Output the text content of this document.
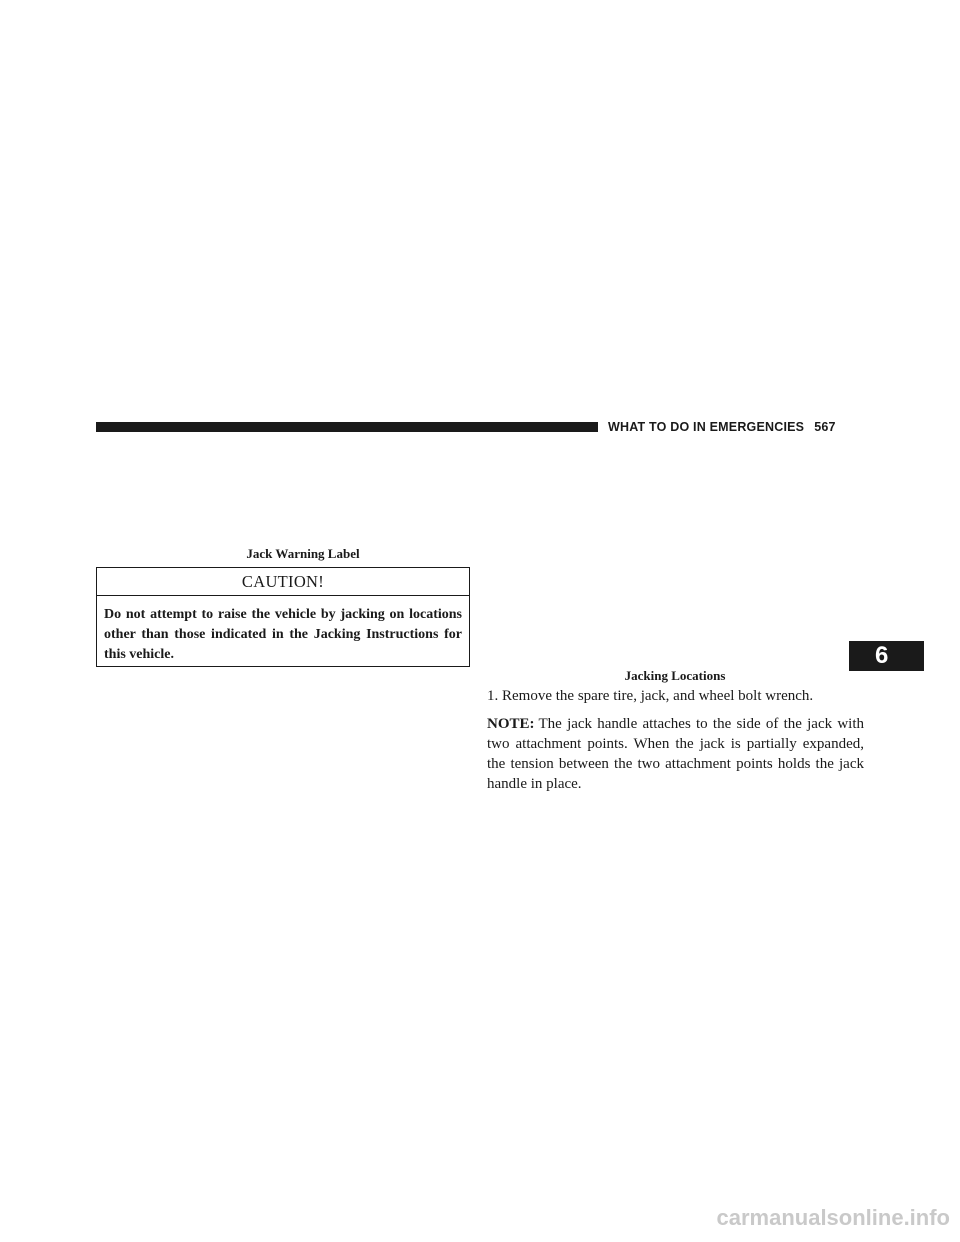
WHAT TO DO IN EMERGENCIES 567
Jack Warning Label
CAUTION!
Do not attempt to raise the vehicle by jacking on locations other than those indicated in the Jacking Instructions for this vehicle.
Jacking Locations
1. Remove the spare tire, jack, and wheel bolt wrench.
NOTE: The jack handle attaches to the side of the jack with two attachment points. When the jack is partially expanded, the tension between the two attachment points holds the jack handle in place.
6
carmanualsonline.info
